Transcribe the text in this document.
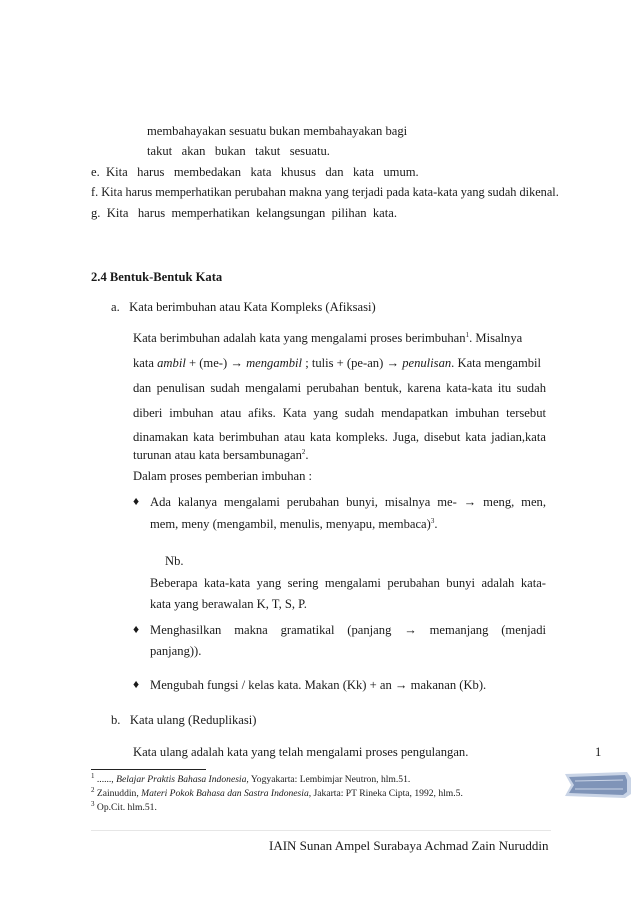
membahayakan sesuatu bukan membahayakan bagi
takut   akan   bukan   takut   sesuatu.
e.  Kita   harus   membedakan   kata   khusus   dan   kata   umum.
f. Kita harus memperhatikan perubahan makna yang terjadi pada kata-kata yang sudah dikenal.
g.  Kita   harus  memperhatikan  kelangsungan  pilihan  kata.
2.4 Bentuk-Bentuk Kata
a.   Kata berimbuhan atau Kata Kompleks (Afiksasi)
Kata berimbuhan adalah kata yang mengalami proses berimbuhan$^1$. Misalnya
kata ambil + (me-) → mengambil ; tulis + (pe-an) → penulisan. Kata mengambil
dan penulisan sudah mengalami perubahan bentuk, karena kata-kata itu sudah
diberi imbuhan atau afiks. Kata yang sudah mendapatkan imbuhan tersebut
dinamakan kata berimbuhan atau kata kompleks. Juga, disebut kata jadian,kata
turunan atau kata bersambunagan$^2$.
Dalam proses pemberian imbuhan :
♦ Ada kalanya mengalami perubahan bunyi, misalnya me- → meng, men,
mem, meny (mengambil, menulis, menyapu, membaca)$^3$.
Nb.
Beberapa kata-kata yang sering mengalami perubahan bunyi adalah kata-
kata yang berawalan K, T, S, P.
♦ Menghasilkan makna gramatikal (panjang → memanjang (menjadi
panjang)).
♦ Mengubah fungsi / kelas kata. Makan (Kk) + an → makanan (Kb).
b.   Kata ulang (Reduplikasi)
Kata ulang adalah kata yang telah mengalami proses pengulangan.	1
$^1$ ......, Belajar Praktis Bahasa Indonesia, Yogyakarta: Lembimjar Neutron, hlm.51.
$^2$ Zainuddin, Materi Pokok Bahasa dan Sastra Indonesia, Jakarta: PT Rineka Cipta, 1992, hlm.5.
$^3$ Op.Cit. hlm.51.
IAIN Sunan Ampel Surabaya Achmad Zain Nuruddin
